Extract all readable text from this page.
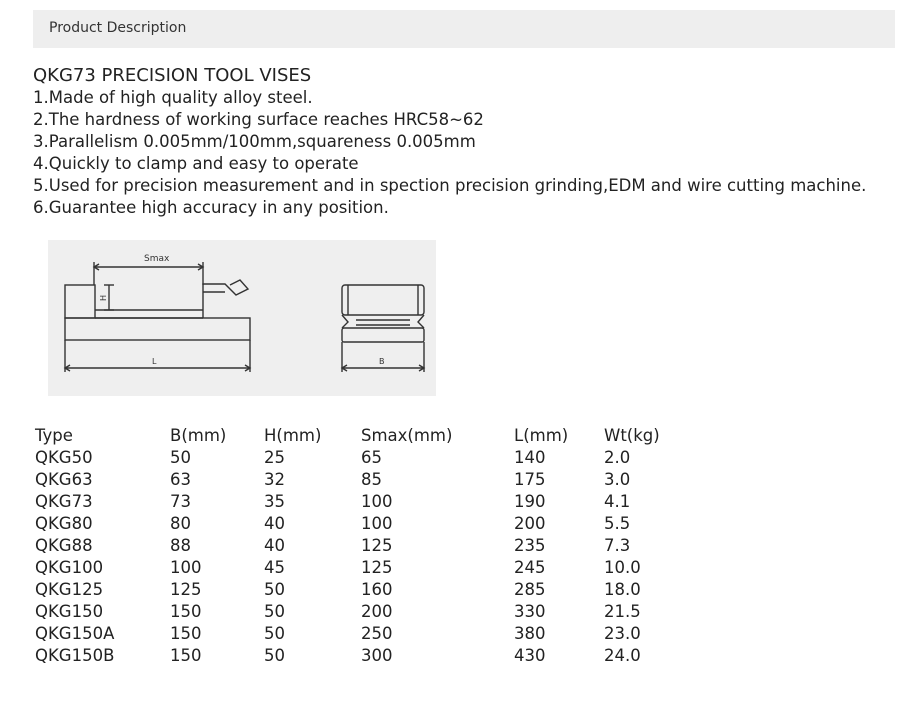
Product Description
QKG73 PRECISION TOOL VISES

1.Made of high quality alloy steel.

2.The hardness of working surface reaches HRC58~62

3.Parallelism 0.005mm/100mm,squareness 0.005mm

4.Quickly to clamp and easy to operate

5.Used for precision measurement and in spection precision grinding,EDM and wire cutting machine.

6.Guarantee high accuracy in any position.

Smax
H
L	B
Type	B(mm)	H(mm)	Smax(mm)	L(mm)	Wt(kg)
QKG50	50	25	65	140	2.0
QKG63	63	32	85	175	3.0
QKG73	73	35	100	190	4.1
QKG80	80	40	100	200	5.5
QKG88	88	40	125	235	7.3
QKG100	100	45	125	245	10.0
QKG125	125	50	160	285	18.0
QKG150	150	50	200	330	21.5
QKG150A	150	50	250	380	23.0
QKG150B	150	50	300	430	24.0
